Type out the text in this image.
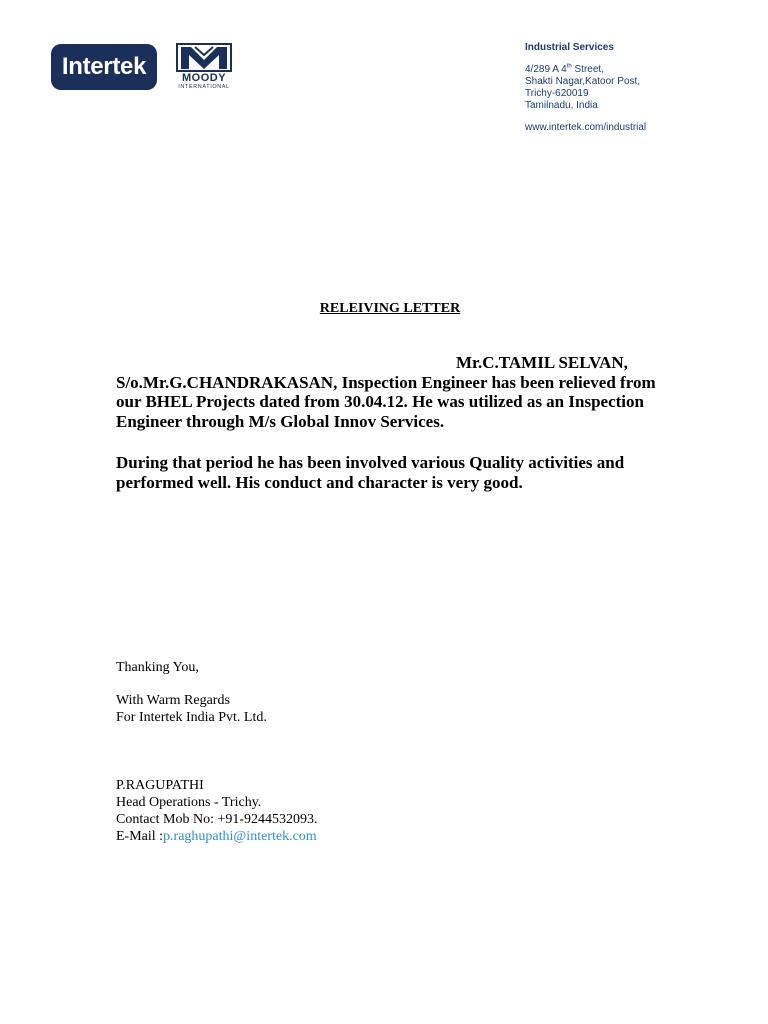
Intertek	MOODY
INTERNATIONAL
Industrial Services
4/289 A 4th Street,
Shakti Nagar,Katoor Post,
Trichy-620019
Tamilnadu, India
www.intertek.com/industrial
RELEIVING LETTER
Mr.C.TAMIL SELVAN, S/o.Mr.G.CHANDRAKASAN, Inspection Engineer has been relieved from our BHEL Projects dated from 30.04.12. He was utilized as an Inspection Engineer through M/s Global Innov Services.
During that period he has been involved various Quality activities and performed well. His conduct and character is very good.
Thanking You,
With Warm Regards
For Intertek India Pvt. Ltd.
P.RAGUPATHI
Head Operations - Trichy.
Contact Mob No: +91-9244532093.
E-Mail :p.raghupathi@intertek.com
